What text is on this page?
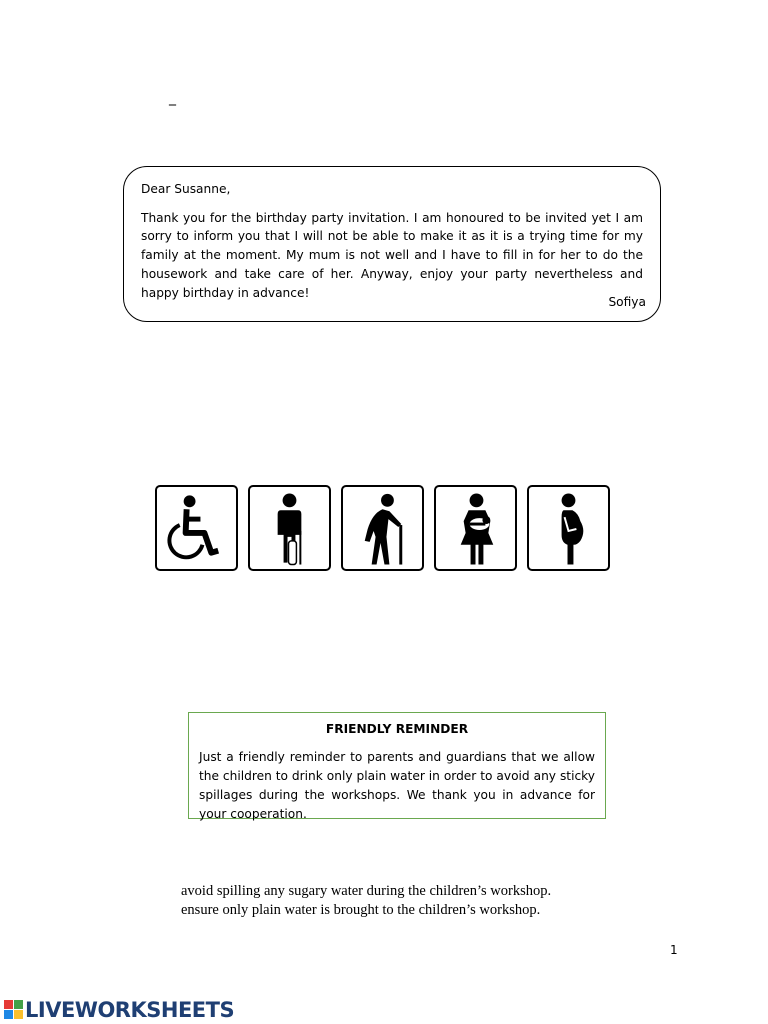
_

Dear Susanne,

Thank you for the birthday party invitation. I am honoured to be invited yet I am sorry to inform you that I will not be able to make it as it is a trying time for my family at the moment. My mum is not well and I have to fill in for her to do the housework and take care of her. Anyway, enjoy your party nevertheless and happy birthday in advance!

Sofiya

FRIENDLY REMINDER

Just a friendly reminder to parents and guardians that we allow the children to drink only plain water in order to avoid any sticky spillages during the workshops. We thank you in advance for your cooperation.

avoid spilling any sugary water during the children’s workshop.
ensure only plain water is brought to the children’s workshop.
1
LIVEWORKSHEETS
